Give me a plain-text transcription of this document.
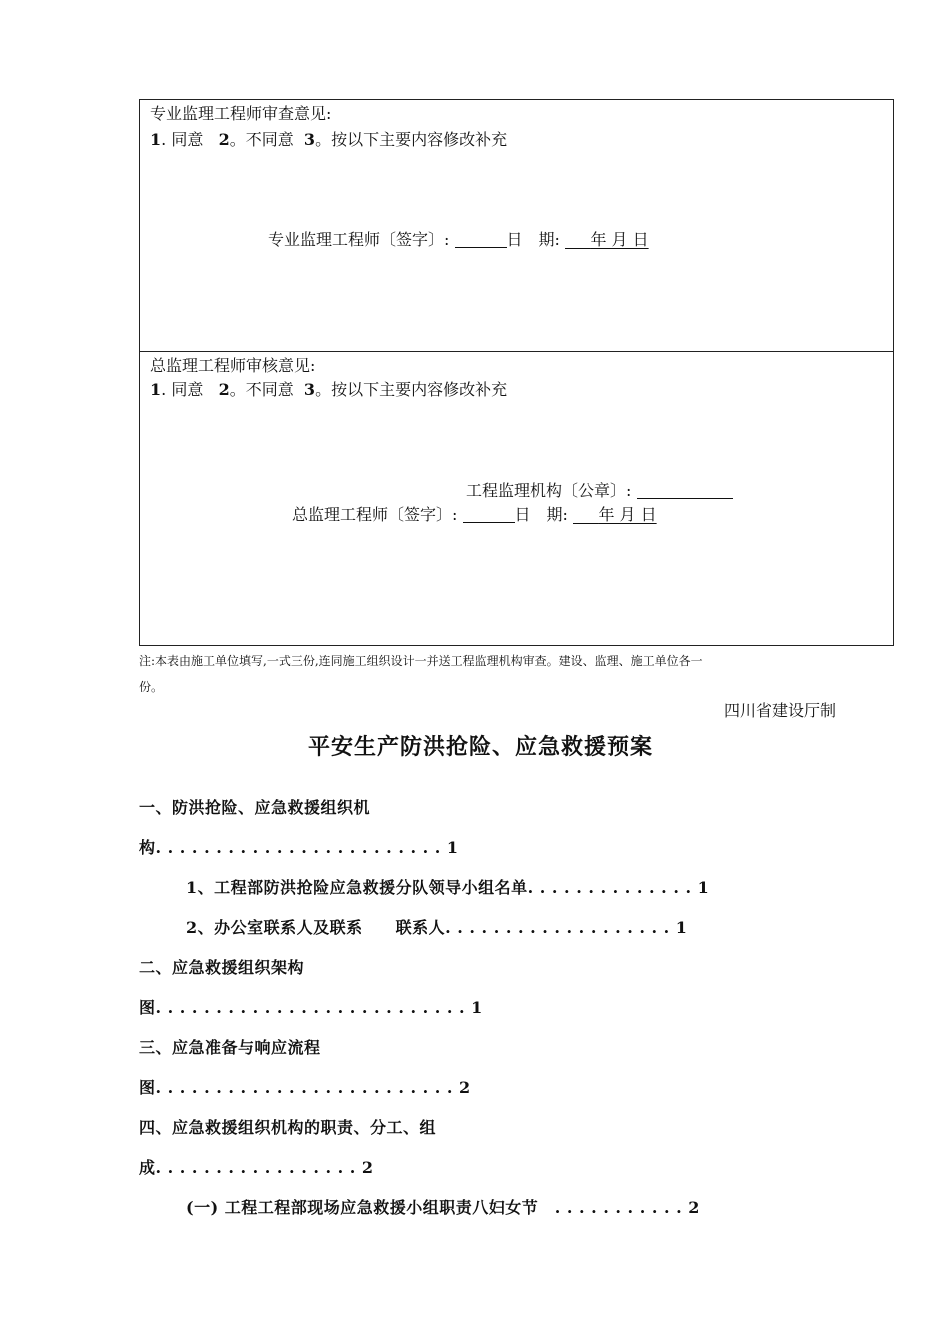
专业监理工程师审查意见:
1. 同意 2。不同意 3。按以下主要内容修改补充
专业监理工程师〔签字〕:	日　期: 年 月 日
总监理工程师审核意见:
1. 同意 2。不同意 3。按以下主要内容修改补充
工程监理机构〔公章〕:
总监理工程师〔签字〕:	日　期: 年 月 日
注:本表由施工单位填写,一式三份,连同施工组织设计一并送工程监理机构审查。建设、监理、施工单位各一
份。
四川省建设厅制
平安生产防洪抢险、应急救援预案
一、防洪抢险、应急救援组织机
构. . . . . . . . . . . . . . . . . . . . . . . . 1
1、工程部防洪抢险应急救援分队领导小组名单. . . . . . . . . . . . . . 1
2、办公室联系人及联系　　联系人. . . . . . . . . . . . . . . . . . . 1
二、应急救援组织架构
图. . . . . . . . . . . . . . . . . . . . . . . . . . 1
三、应急准备与响应流程
图. . . . . . . . . . . . . . . . . . . . . . . . . 2
四、应急救援组织机构的职责、分工、组
成. . . . . . . . . . . . . . . . . 2
(一) 工程工程部现场应急救援小组职责八妇女节　. . . . . . . . . . . 2
